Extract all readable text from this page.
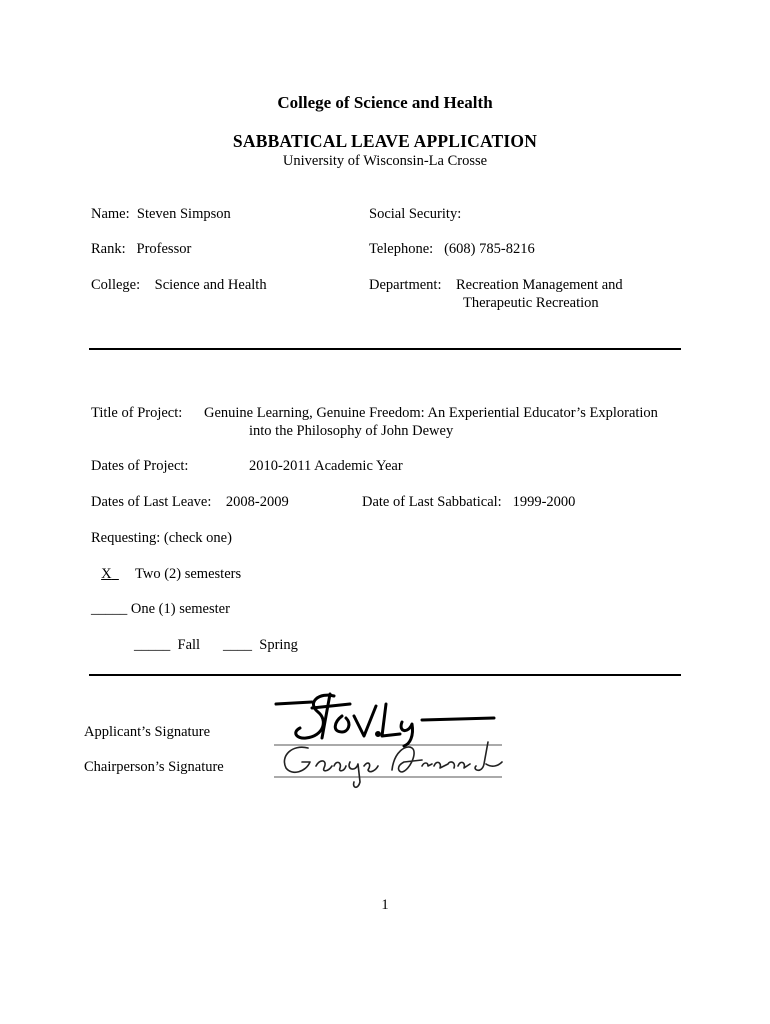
College of Science and Health
SABBATICAL LEAVE APPLICATION
University of Wisconsin-La Crosse
Name: Steven Simpson	Social Security:
Rank: Professor	Telephone: (608) 785-8216
College: Science and Health	Department: Recreation Management and
Therapeutic Recreation
Title of Project: Genuine Learning, Genuine Freedom: An Experiential Educator’s Exploration
into the Philosophy of John Dewey
Dates of Project:	2010-2011 Academic Year
Dates of Last Leave: 2008-2009	Date of Last Sabbatical: 1999-2000
Requesting: (check one)
X Two (2) semesters
_____ One (1) semester
_____ Fall ____ Spring
Applicant’s Signature
Chairperson’s Signature
1
